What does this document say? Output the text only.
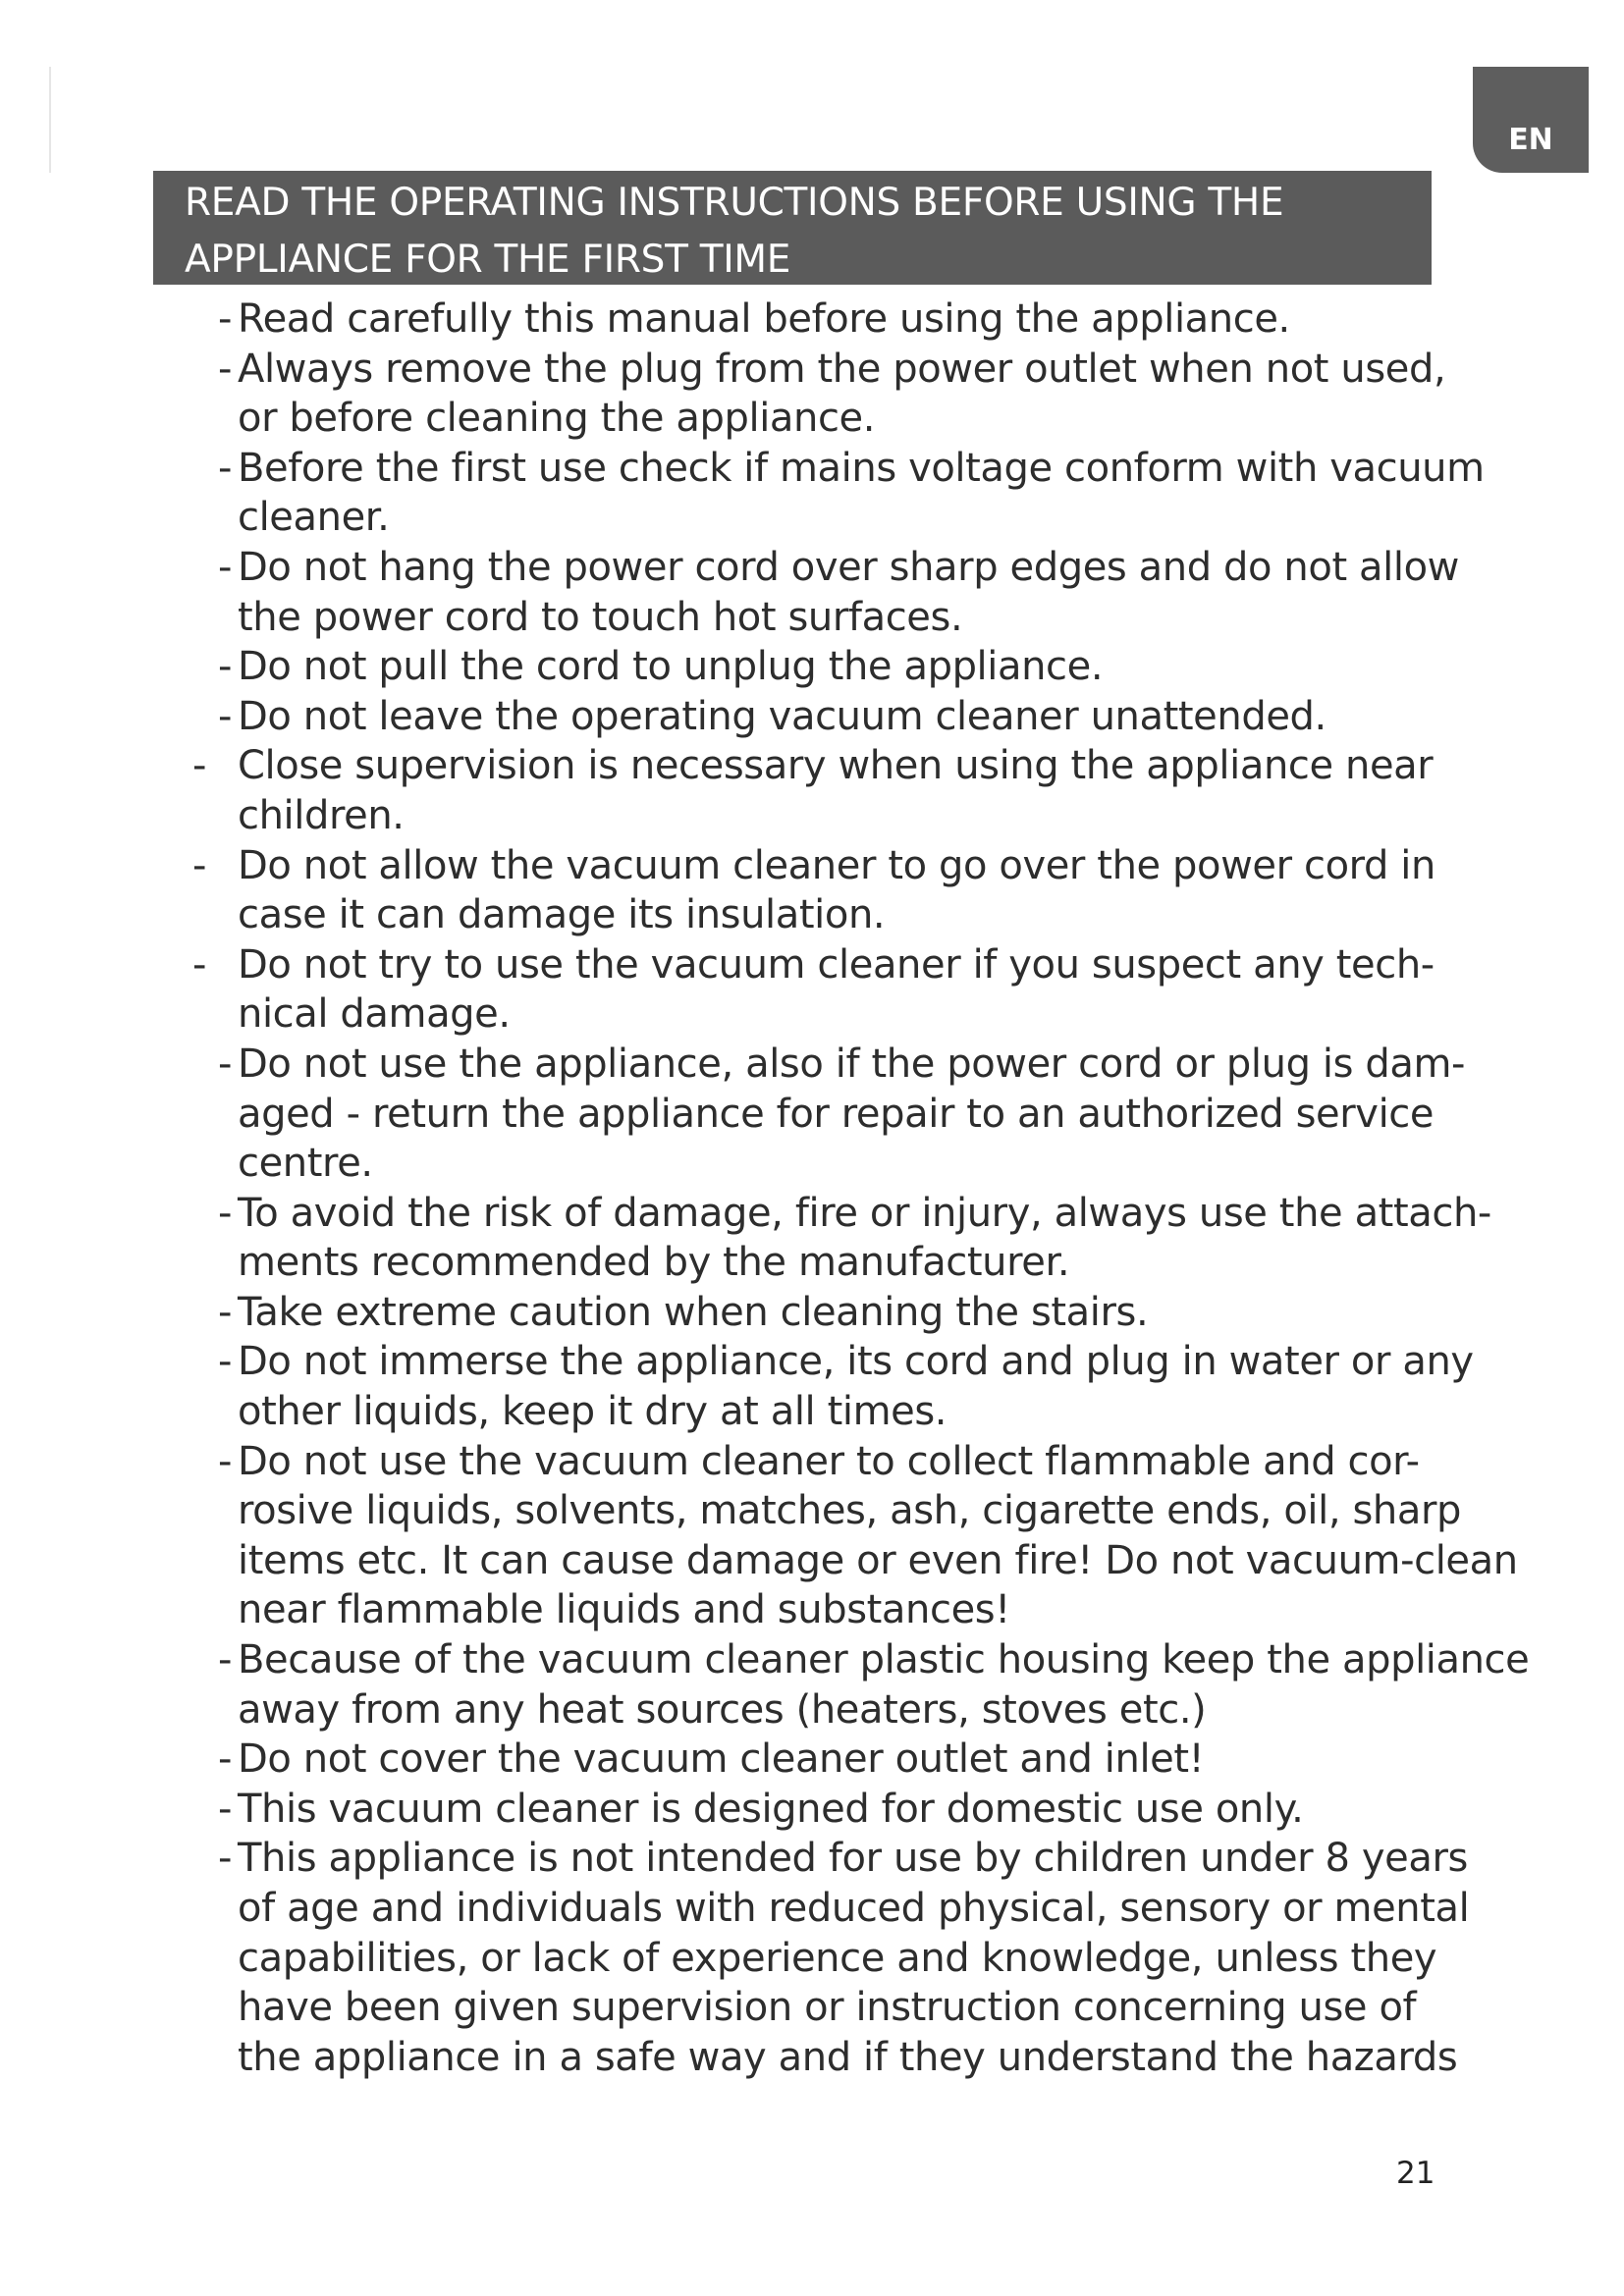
EN
READ THE OPERATING INSTRUCTIONS BEFORE USING THE
APPLIANCE FOR THE FIRST TIME
- Read carefully this manual before using the appliance.
- Always remove the plug from the power outlet when not used,
or before cleaning the appliance.
- Before the first use check if mains voltage conform with vacuum
cleaner.
- Do not hang the power cord over sharp edges and do not allow
the power cord to touch hot surfaces.
- Do not pull the cord to unplug the appliance.
- Do not leave the operating vacuum cleaner unattended.
- Close supervision is necessary when using the appliance near
children.
- Do not allow the vacuum cleaner to go over the power cord in
case it can damage its insulation.
- Do not try to use the vacuum cleaner if you suspect any tech-
nical damage.
- Do not use the appliance, also if the power cord or plug is dam-
aged - return the appliance for repair to an authorized service
centre.
- To avoid the risk of damage, fire or injury, always use the attach-
ments recommended by the manufacturer.
- Take extreme caution when cleaning the stairs.
- Do not immerse the appliance, its cord and plug in water or any
other liquids, keep it dry at all times.
- Do not use the vacuum cleaner to collect flammable and cor-
rosive liquids, solvents, matches, ash, cigarette ends, oil, sharp
items etc. It can cause damage or even fire! Do not vacuum-clean
near flammable liquids and substances!
- Because of the vacuum cleaner plastic housing keep the appliance
away from any heat sources (heaters, stoves etc.)
- Do not cover the vacuum cleaner outlet and inlet!
- This vacuum cleaner is designed for domestic use only.
- This appliance is not intended for use by children under 8 years
of age and individuals with reduced physical, sensory or mental
capabilities, or lack of experience and knowledge, unless they
have been given supervision or instruction concerning use of
the appliance in a safe way and if they understand the hazards
21
